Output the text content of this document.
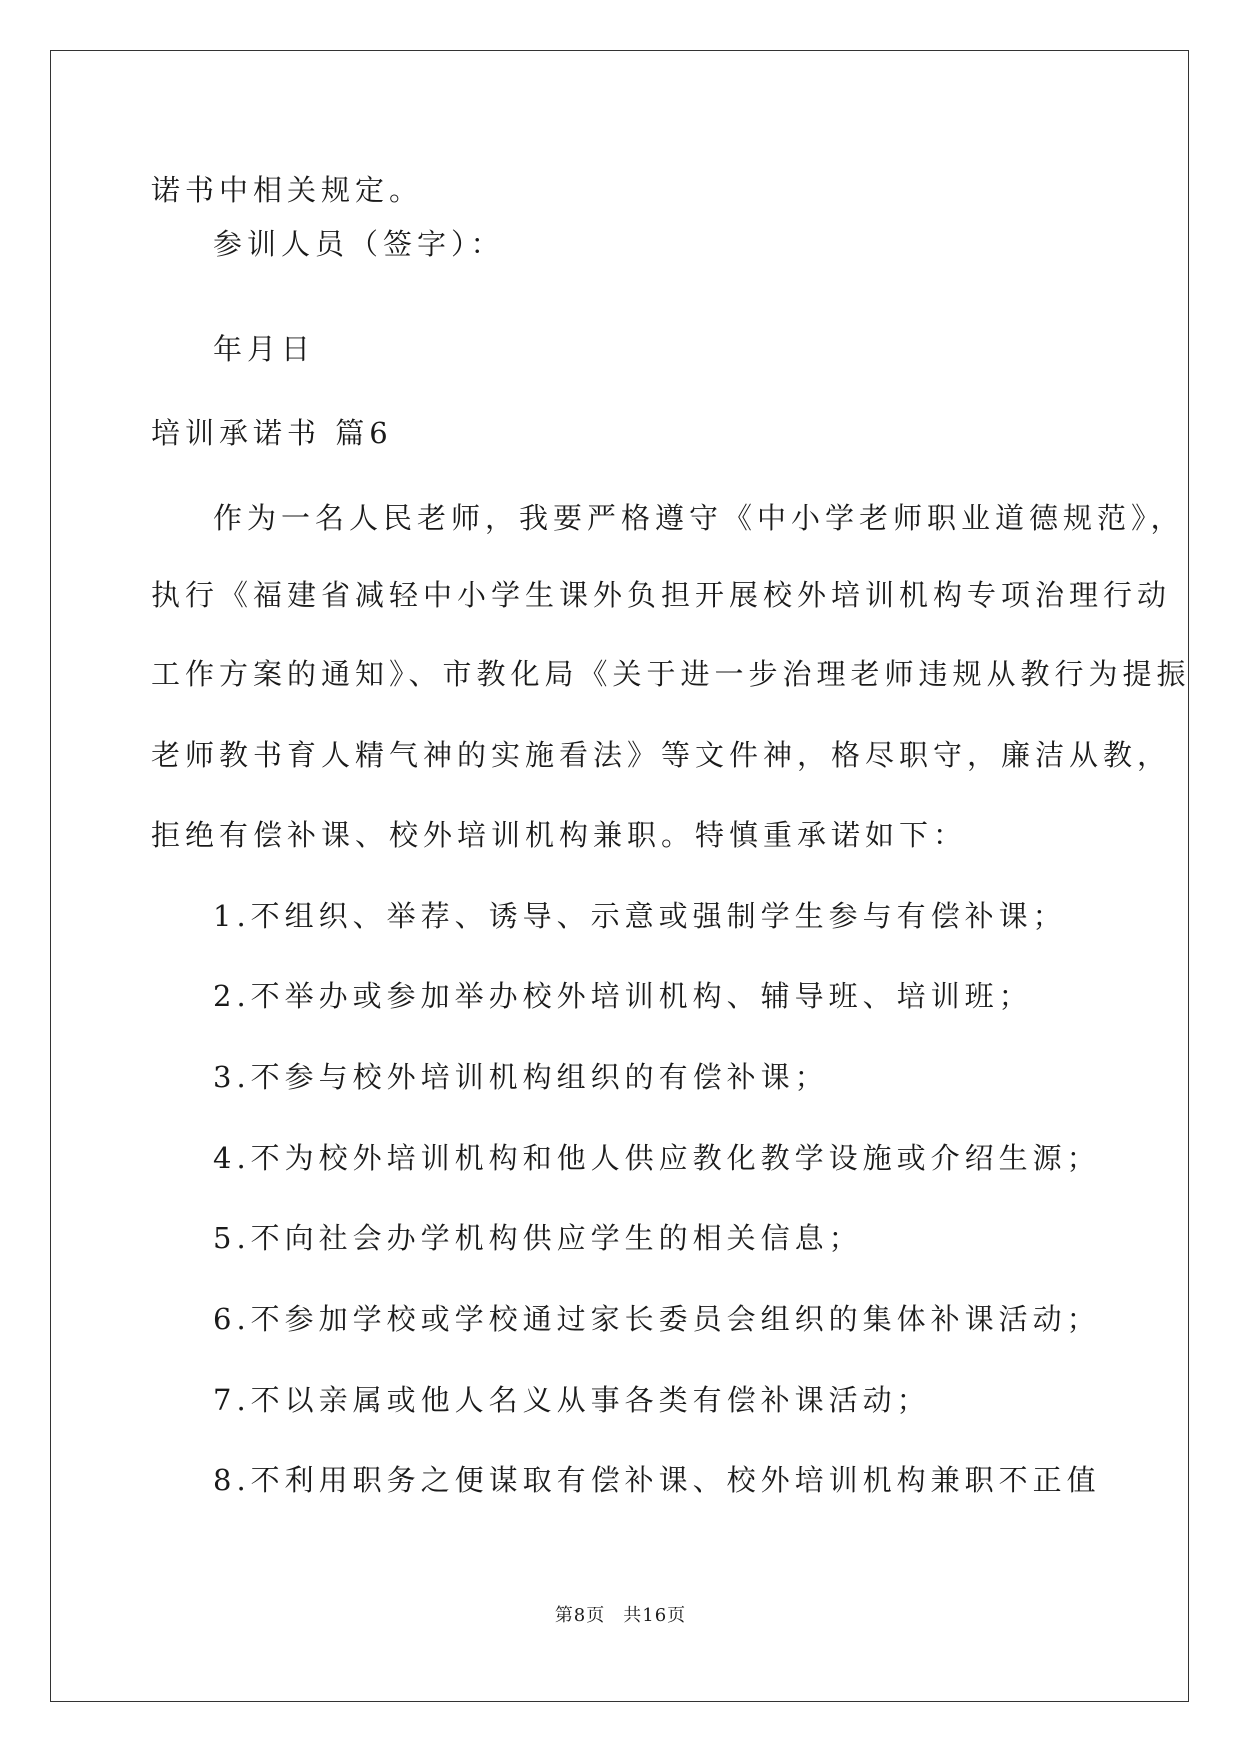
诺书中相关规定。

参训人员（签字）：

年月日

培训承诺书 篇6

作为一名人民老师，我要严格遵守《中小学老师职业道德规范》，

执行《福建省减轻中小学生课外负担开展校外培训机构专项治理行动

工作方案的通知》、市教化局《关于进一步治理老师违规从教行为提振

老师教书育人精气神的实施看法》等文件神，格尽职守，廉洁从教，

拒绝有偿补课、校外培训机构兼职。特慎重承诺如下：

1.不组织、举荐、诱导、示意或强制学生参与有偿补课；

2.不举办或参加举办校外培训机构、辅导班、培训班；

3.不参与校外培训机构组织的有偿补课；

4.不为校外培训机构和他人供应教化教学设施或介绍生源；

5.不向社会办学机构供应学生的相关信息；

6.不参加学校或学校通过家长委员会组织的集体补课活动；

7.不以亲属或他人名义从事各类有偿补课活动；

8.不利用职务之便谋取有偿补课、校外培训机构兼职不正值

第8页 共16页
